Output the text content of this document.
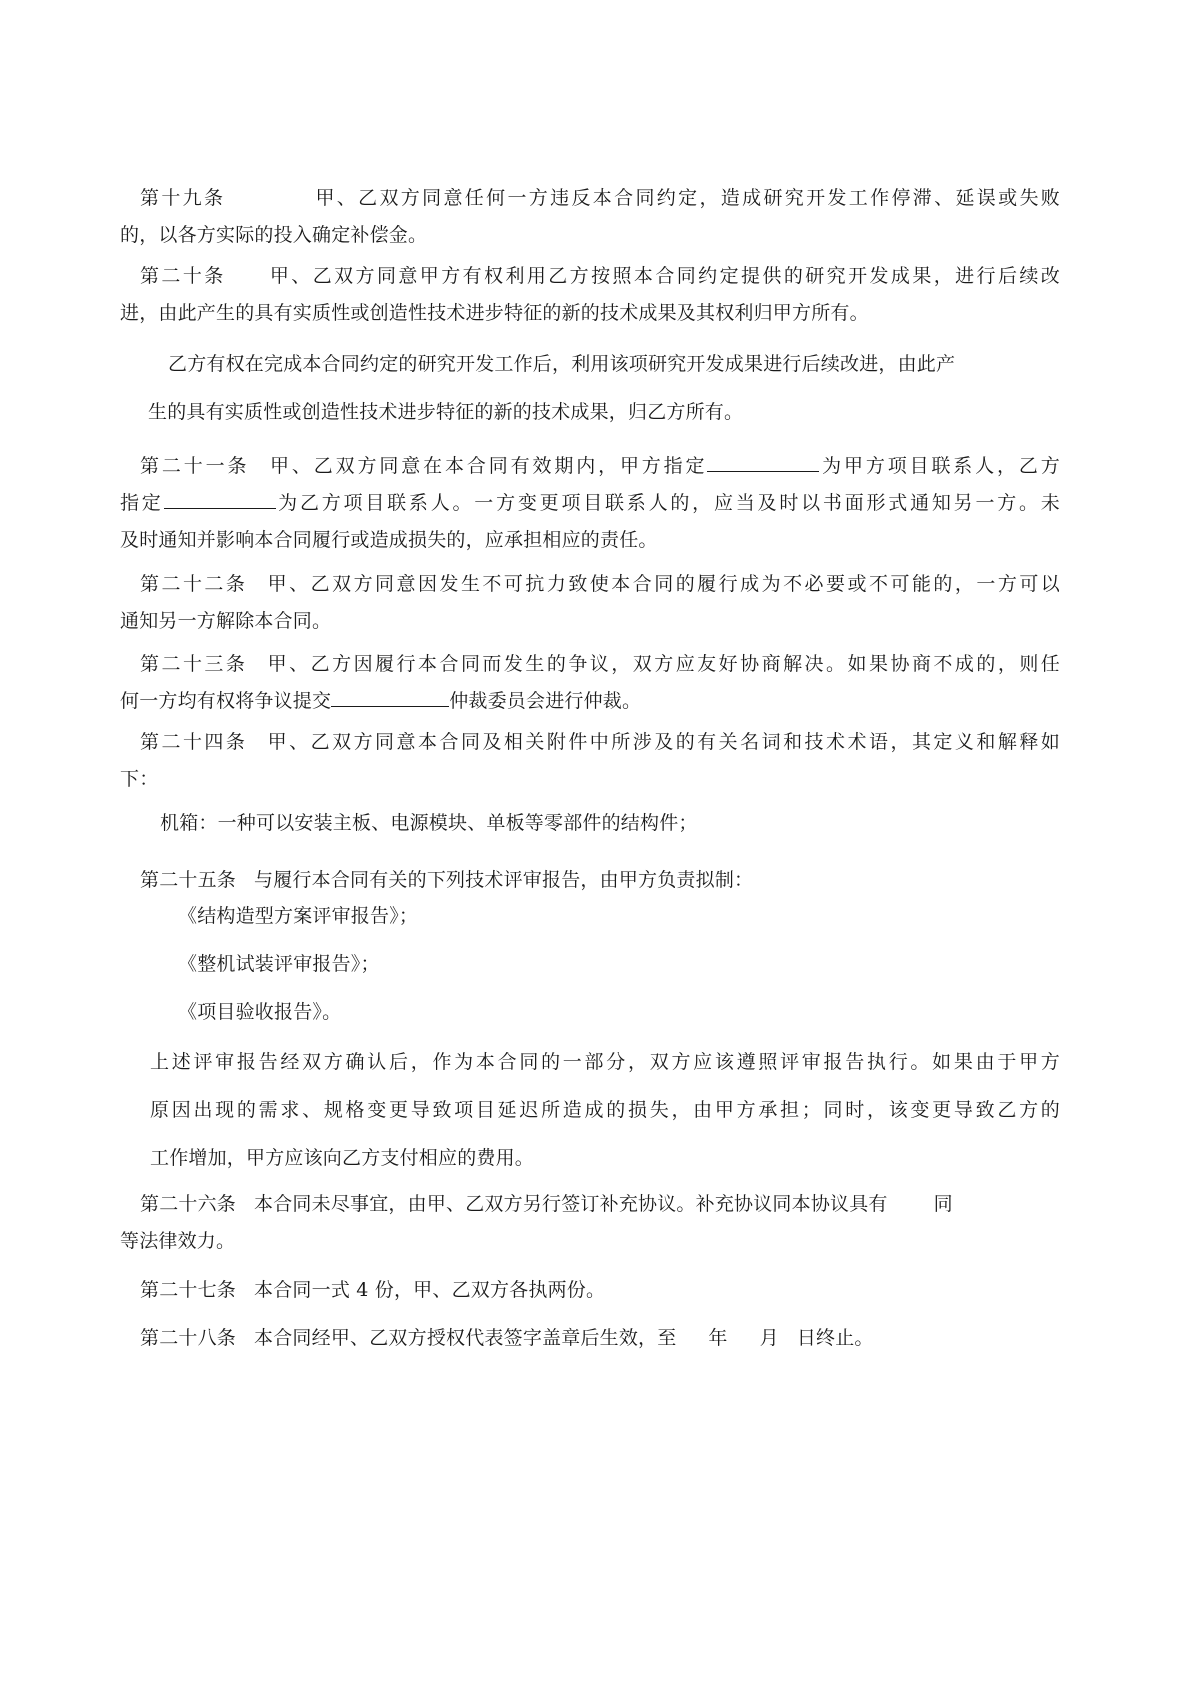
第十九条	甲、乙双方同意任何一方违反本合同约定，造成研究开发工作停滞、延误或失败
的，以各方实际的投入确定补偿金。
第二十条 甲、乙双方同意甲方有权利用乙方按照本合同约定提供的研究开发成果，进行后续改
进，由此产生的具有实质性或创造性技术进步特征的新的技术成果及其权利归甲方所有。
乙方有权在完成本合同约定的研究开发工作后，利用该项研究开发成果进行后续改进，由此产
生的具有实质性或创造性技术进步特征的新的技术成果，归乙方所有。
第二十一条 甲、乙双方同意在本合同有效期内，甲方指定	为甲方项目联系人，乙方
指定	为乙方项目联系人。一方变更项目联系人的，应当及时以书面形式通知另一方。未
及时通知并影响本合同履行或造成损失的，应承担相应的责任。
第二十二条 甲、乙双方同意因发生不可抗力致使本合同的履行成为不必要或不可能的，一方可以
通知另一方解除本合同。
第二十三条 甲、乙方因履行本合同而发生的争议，双方应友好协商解决。如果协商不成的，则任
何一方均有权将争议提交	仲裁委员会进行仲裁。
第二十四条 甲、乙双方同意本合同及相关附件中所涉及的有关名词和技术术语，其定义和解释如
下：
机箱：一种可以安装主板、电源模块、单板等零部件的结构件；
第二十五条 与履行本合同有关的下列技术评审报告，由甲方负责拟制：
《结构造型方案评审报告》；
《整机试装评审报告》；
《项目验收报告》。
上述评审报告经双方确认后，作为本合同的一部分，双方应该遵照评审报告执行。如果由于甲方
原因出现的需求、规格变更导致项目延迟所造成的损失，由甲方承担；同时，该变更导致乙方的
工作增加，甲方应该向乙方支付相应的费用。
第二十六条 本合同未尽事宜，由甲、乙双方另行签订补充协议。补充协议同本协议具有 同
等法律效力。
第二十七条 本合同一式 4 份，甲、乙双方各执两份。
第二十八条 本合同经甲、乙双方授权代表签字盖章后生效，至 年 月 日终止。
